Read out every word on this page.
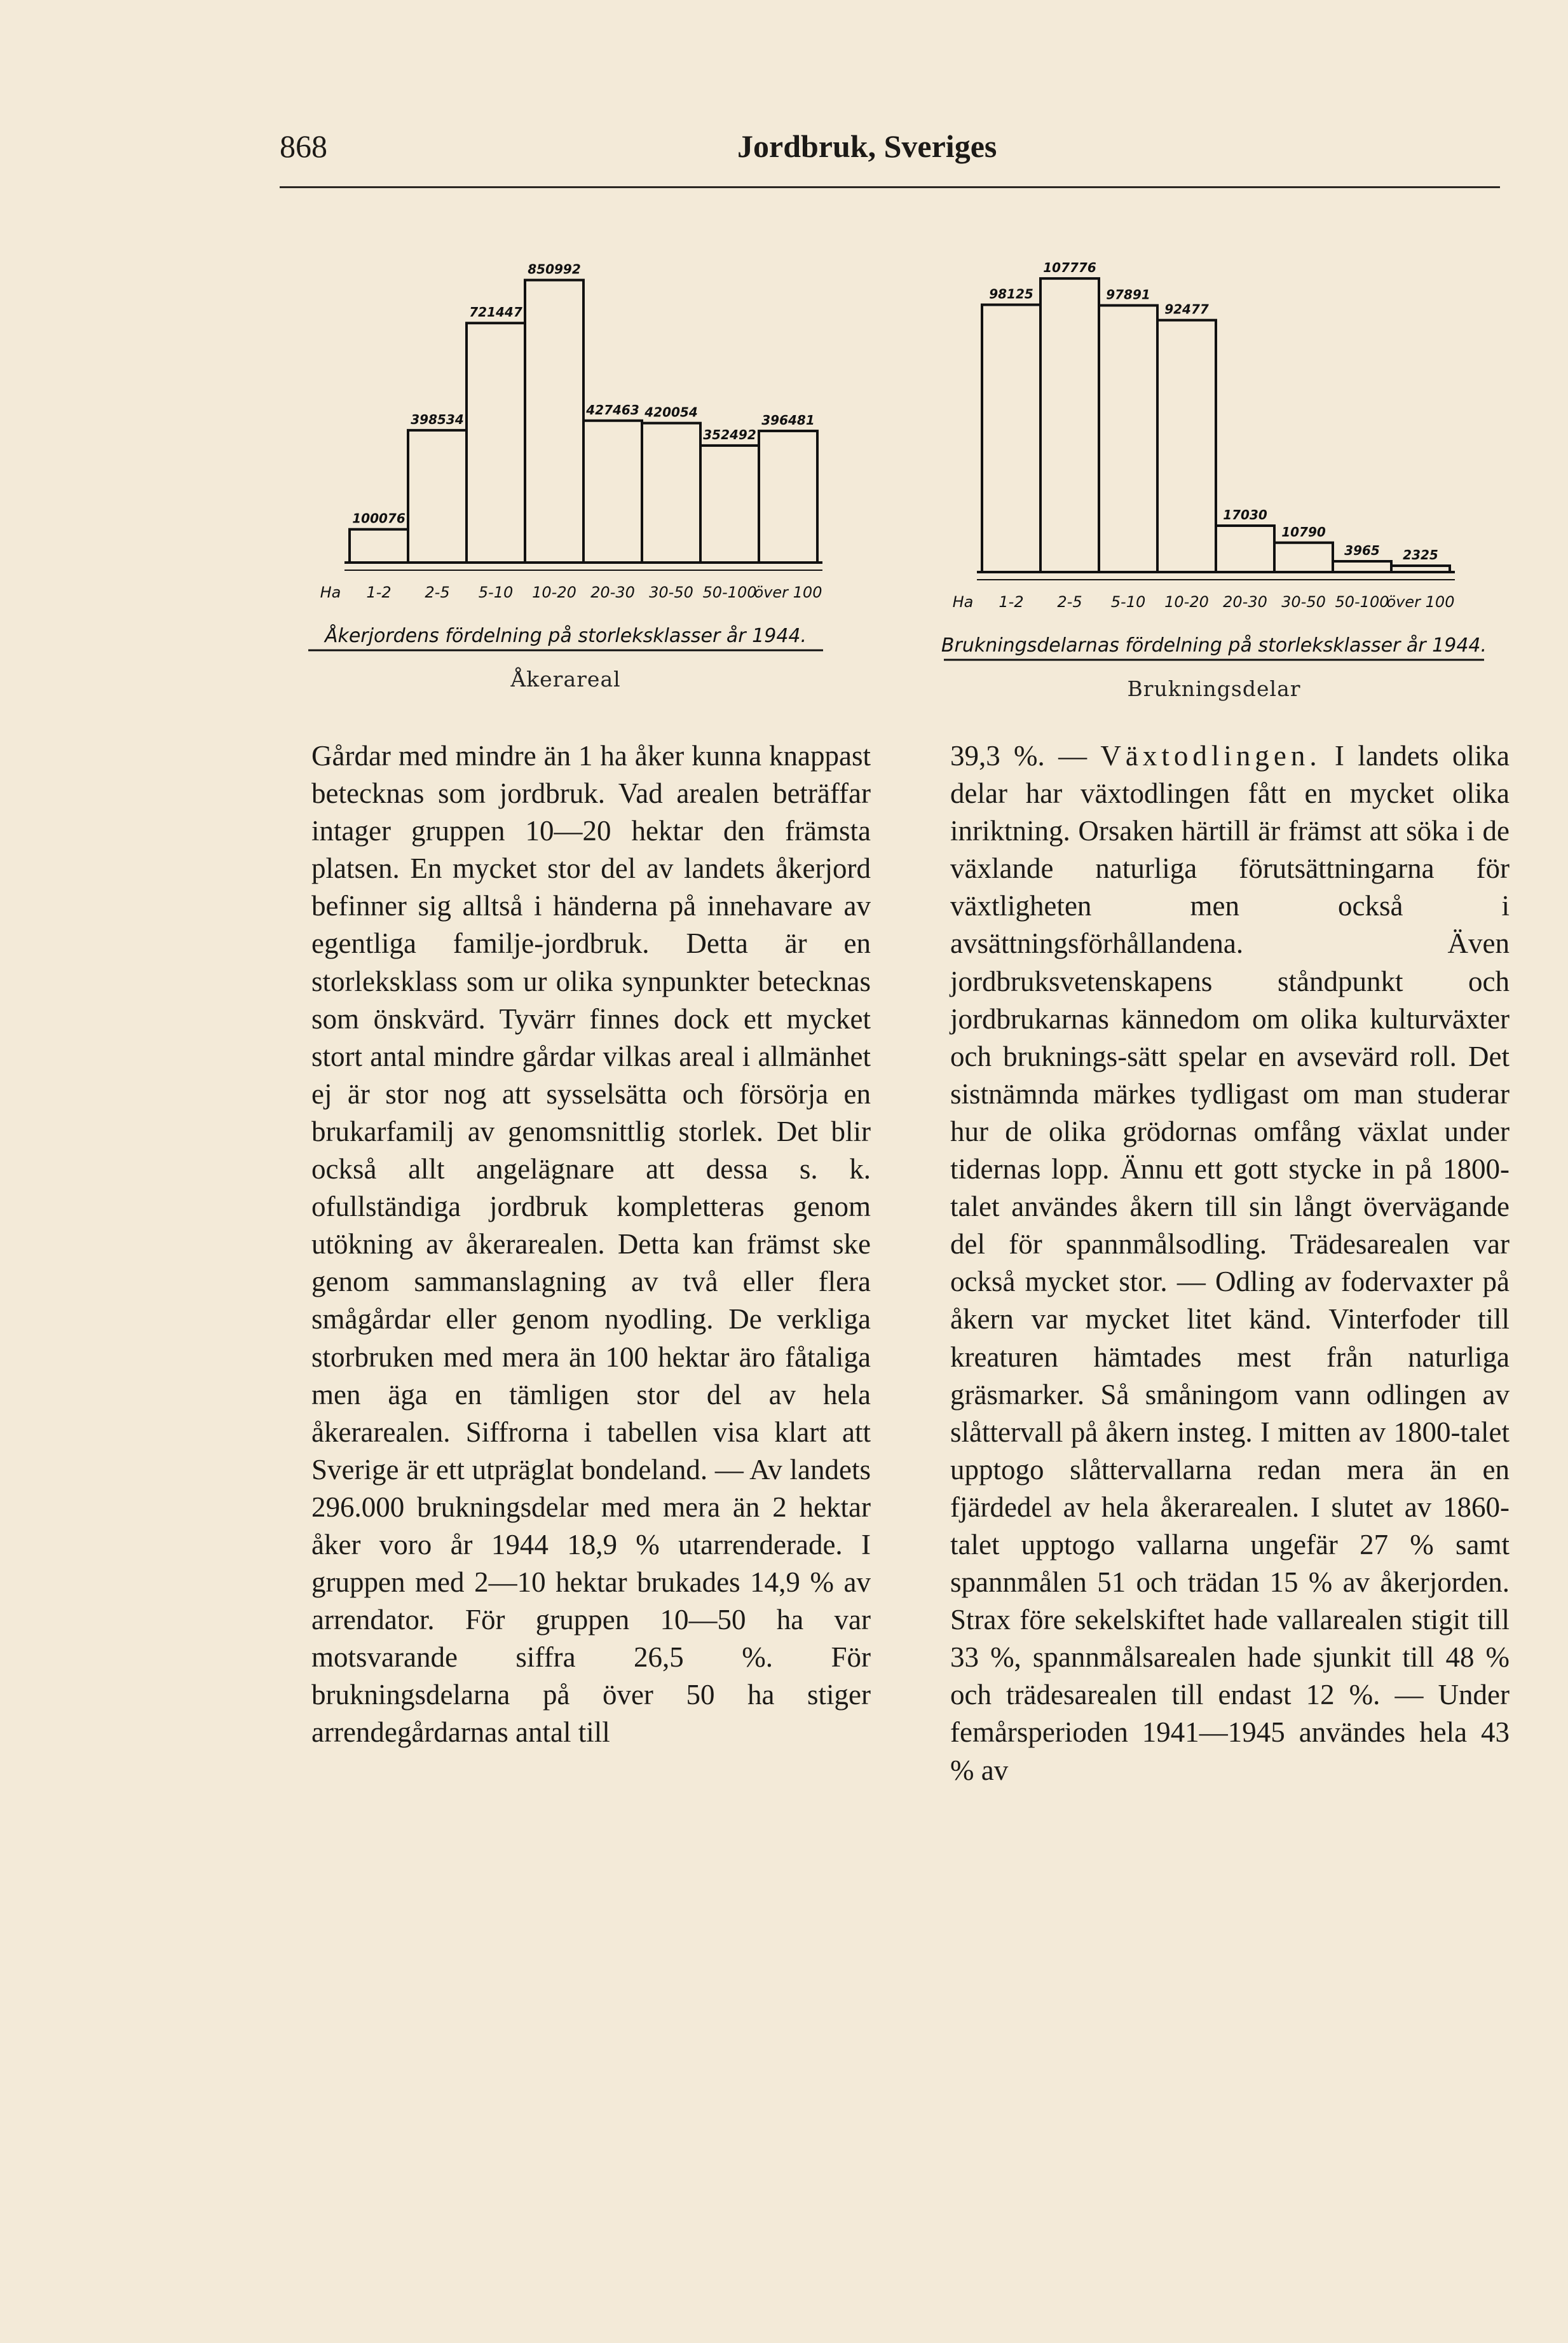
868	Jordbruk, Sveriges
100076
398534
721447
850992
427463 420054
352492
396481
Ha 1-2 2-5 5-10 10-20 20-30 30-50 50-100
över 100
Åkerjordens fördelning på storleksklasser år 1944.
Åkerareal
98125
107776
97891
92477
17030
10790
3965 2325
Ha 1-2 2-5 5-10 10-20 20-30 30-50 50-100
över 100
Brukningsdelarnas fördelning på storleksklasser år 1944.
Brukningsdelar

Gårdar med mindre än 1 ha åker kunna knappast betecknas som jordbruk. Vad arealen beträffar intager gruppen 10—20 hektar den främsta platsen. En mycket stor del av landets åkerjord befinner sig alltså i händerna på innehavare av egentliga familje-jordbruk. Detta är en storleksklass som ur olika synpunkter betecknas som önskvärd. Tyvärr finnes dock ett mycket stort antal mindre gårdar vilkas areal i allmänhet ej är stor nog att sysselsätta och försörja en brukarfamilj av genomsnittlig storlek. Det blir också allt angelägnare att dessa s. k. ofullständiga jordbruk kompletteras genom utökning av åkerarealen. Detta kan främst ske genom sammanslagning av två eller flera smågårdar eller genom nyodling. De verkliga storbruken med mera än 100 hektar äro fåtaliga men äga en tämligen stor del av hela åkerarealen. Siffrorna i tabellen visa klart att Sverige är ett utpräglat bondeland. — Av landets 296.000 brukningsdelar med mera än 2 hektar åker voro år 1944 18,9 % utarrenderade. I gruppen med 2—10 hektar brukades 14,9 % av arrendator. För gruppen 10—50 ha var motsvarande siffra 26,5 %. För brukningsdelarna på över 50 ha stiger arrendegårdarnas antal till

39,3 %. — Växtodlingen. I landets olika delar har växtodlingen fått en mycket olika inriktning. Orsaken härtill är främst att söka i de växlande naturliga förutsättningarna för växtligheten men också i avsättningsförhållandena. Även jordbruksvetenskapens ståndpunkt och jordbrukarnas kännedom om olika kulturväxter och bruknings-sätt spelar en avsevärd roll. Det sistnämnda märkes tydligast om man studerar hur de olika grödornas omfång växlat under tidernas lopp. Ännu ett gott stycke in på 1800-talet användes åkern till sin långt övervägande del för spannmålsodling. Trädesarealen var också mycket stor. — Odling av fodervaxter på åkern var mycket litet känd. Vinterfoder till kreaturen hämtades mest från naturliga gräsmarker. Så småningom vann odlingen av slåttervall på åkern insteg. I mitten av 1800-talet upptogo slåttervallarna redan mera än en fjärdedel av hela åkerarealen. I slutet av 1860-talet upptogo vallarna ungefär 27 % samt spannmålen 51 och trädan 15 % av åkerjorden. Strax före sekelskiftet hade vallarealen stigit till 33 %, spannmålsarealen hade sjunkit till 48 % och trädesarealen till endast 12 %. — Under femårsperioden 1941—1945 användes hela 43 % av
